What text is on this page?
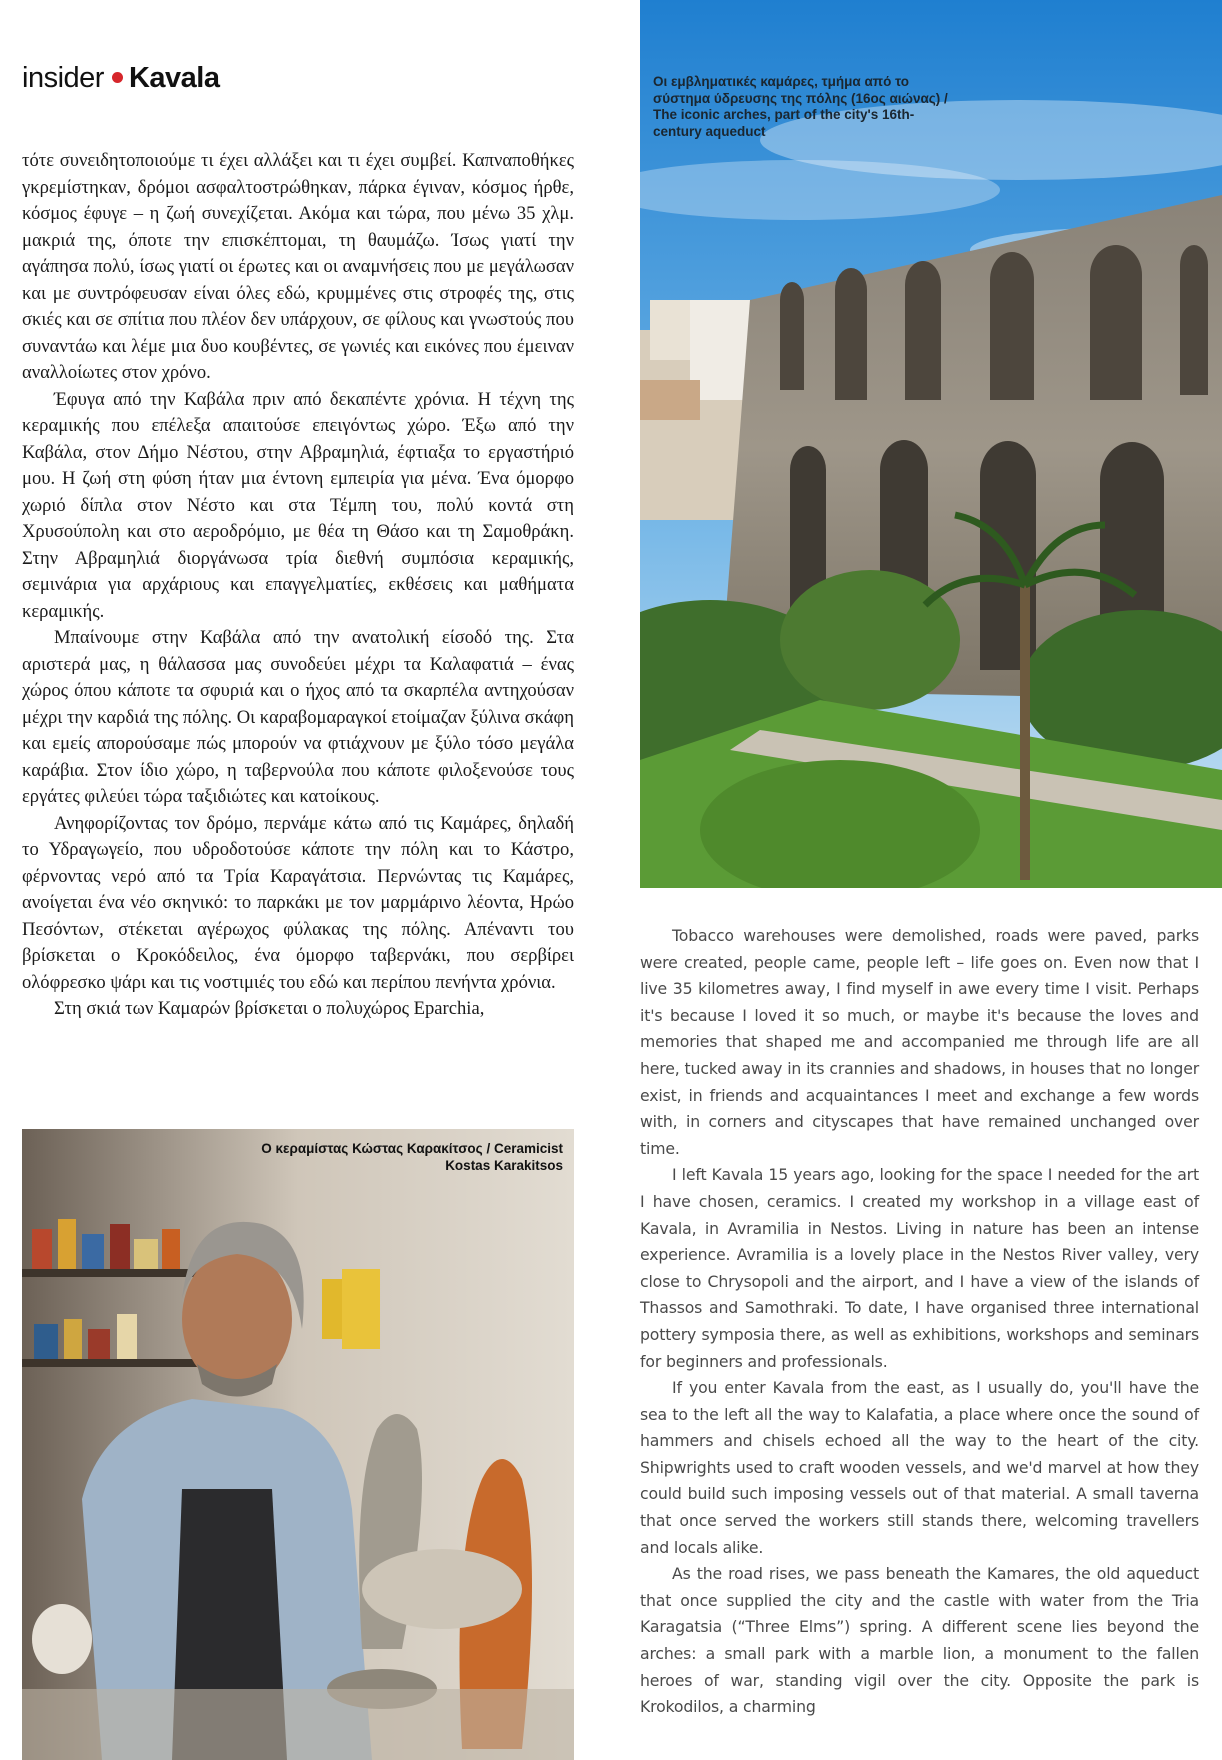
insider Kavala

τότε συνειδητοποιούμε τι έχει αλλάξει και τι έχει συμβεί. Καπναποθήκες γκρεμίστηκαν, δρόμοι ασφαλτοστρώθηκαν, πάρκα έγιναν, κόσμος ήρθε, κόσμος έφυγε – η ζωή συνεχίζεται. Ακόμα και τώρα, που μένω 35 χλμ. μακριά της, όποτε την επισκέπτομαι, τη θαυμάζω. Ίσως γιατί την αγάπησα πολύ, ίσως γιατί οι έρωτες και οι αναμνήσεις που με μεγάλωσαν και με συντρόφευσαν είναι όλες εδώ, κρυμμένες στις στροφές της, στις σκιές και σε σπίτια που πλέον δεν υπάρχουν, σε φίλους και γνωστούς που συναντάω και λέμε μια δυο κουβέντες, σε γωνιές και εικόνες που έμειναν αναλλοίωτες στον χρόνο.

Έφυγα από την Καβάλα πριν από δεκαπέντε χρόνια. Η τέχνη της κεραμικής που επέλεξα απαιτούσε επειγόντως χώρο. Έξω από την Καβάλα, στον Δήμο Νέστου, στην Αβραμηλιά, έφτιαξα το εργαστήριό μου. Η ζωή στη φύση ήταν μια έντονη εμπειρία για μένα. Ένα όμορφο χωριό δίπλα στον Νέστο και στα Τέμπη του, πολύ κοντά στη Χρυσούπολη και στο αεροδρόμιο, με θέα τη Θάσο και τη Σαμοθράκη. Στην Αβραμηλιά διοργάνωσα τρία διεθνή συμπόσια κεραμικής, σεμινάρια για αρχάριους και επαγγελματίες, εκθέσεις και μαθήματα κεραμικής.

Μπαίνουμε στην Καβάλα από την ανατολική είσοδό της. Στα αριστερά μας, η θάλασσα μας συνοδεύει μέχρι τα Καλαφατιά – ένας χώρος όπου κάποτε τα σφυριά και ο ήχος από τα σκαρπέλα αντηχούσαν μέχρι την καρδιά της πόλης. Οι καραβομαραγκοί ετοίμαζαν ξύλινα σκάφη και εμείς απορούσαμε πώς μπορούν να φτιάχνουν με ξύλο τόσο μεγάλα καράβια. Στον ίδιο χώρο, η ταβερνούλα που κάποτε φιλοξενούσε τους εργάτες φιλεύει τώρα ταξιδιώτες και κατοίκους.

Ανηφορίζοντας τον δρόμο, περνάμε κάτω από τις Καμάρες, δηλαδή το Υδραγωγείο, που υδροδοτούσε κάποτε την πόλη και το Κάστρο, φέρνοντας νερό από τα Τρία Καραγάτσια. Περνώντας τις Καμάρες, ανοίγεται ένα νέο σκηνικό: το παρκάκι με τον μαρμάρινο λέοντα, Ηρώο Πεσόντων, στέκεται αγέρωχος φύλακας της πόλης. Απέναντι του βρίσκεται ο Κροκόδειλος, ένα όμορφο ταβερνάκι, που σερβίρει ολόφρεσκο ψάρι και τις νοστιμιές του εδώ και περίπου πενήντα χρόνια.

Στη σκιά των Καμαρών βρίσκεται ο πολυχώρος Eparchia,

Οι εμβληματικές καμάρες, τμήμα από το σύστημα ύδρευσης της πόλης (16ος αιώνας) / The iconic arches, part of the city's 16th-century aqueduct
Ο κεραμίστας Κώστας Καρακίτσος / Ceramicist Kostas Karakitsos

Tobacco warehouses were demolished, roads were paved, parks were created, people came, people left – life goes on. Even now that I live 35 kilometres away, I find myself in awe every time I visit. Perhaps it's because I loved it so much, or maybe it's because the loves and memories that shaped me and accompanied me through life are all here, tucked away in its crannies and shadows, in houses that no longer exist, in friends and acquaintances I meet and exchange a few words with, in corners and cityscapes that have remained unchanged over time.

I left Kavala 15 years ago, looking for the space I needed for the art I have chosen, ceramics. I created my workshop in a village east of Kavala, in Avramilia in Nestos. Living in nature has been an intense experience. Avramilia is a lovely place in the Nestos River valley, very close to Chrysopoli and the airport, and I have a view of the islands of Thassos and Samothraki. To date, I have organised three international pottery symposia there, as well as exhibitions, workshops and seminars for beginners and professionals.

If you enter Kavala from the east, as I usually do, you'll have the sea to the left all the way to Kalafatia, a place where once the sound of hammers and chisels echoed all the way to the heart of the city. Shipwrights used to craft wooden vessels, and we'd marvel at how they could build such imposing vessels out of that material. A small taverna that once served the workers still stands there, welcoming travellers and locals alike.

As the road rises, we pass beneath the Kamares, the old aqueduct that once supplied the city and the castle with water from the Tria Karagatsia (“Three Elms”) spring. A different scene lies beyond the arches: a small park with a marble lion, a monument to the fallen heroes of war, standing vigil over the city. Opposite the park is Krokodilos, a charming
